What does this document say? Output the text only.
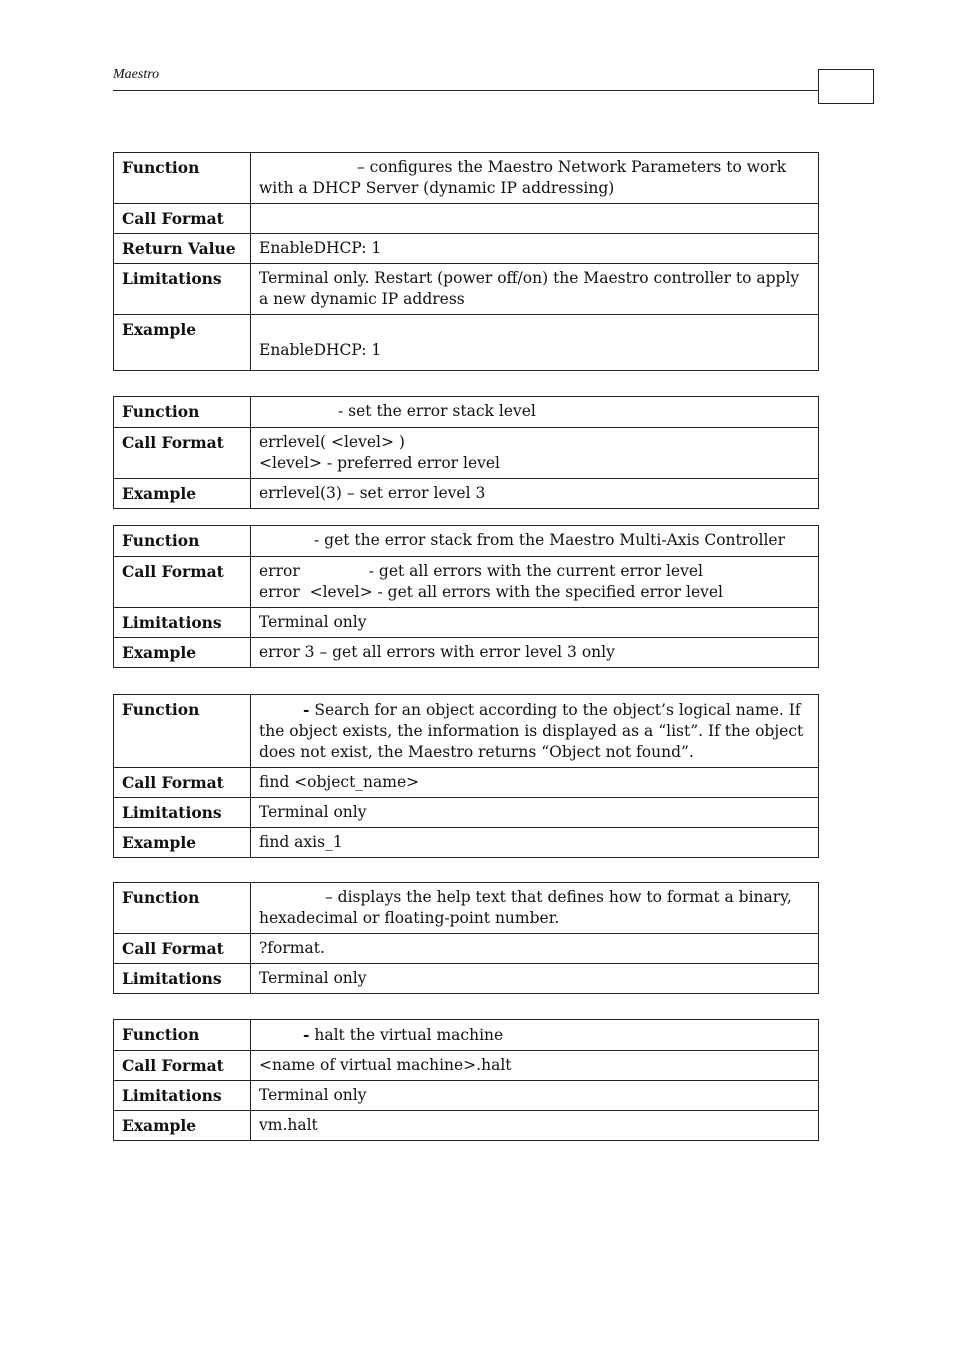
Maestro
Function	– configures the Maestro Network Parameters to work with a DHCP Server (dynamic IP addressing)
Call Format	
Return Value	EnableDHCP: 1
Limitations	Terminal only. Restart (power off/on) the Maestro controller to apply a new dynamic IP address
Example	EnableDHCP: 1
Function	- set the error stack level
Call Format	errlevel( <level> )
<level> - preferred error level

Example	errlevel(3) – set error level 3
Function	- get the error stack from the Maestro Multi-Axis Controller
Call Format	error - get all errors with the current error level
error  <level> - get all errors with the specified error level

Limitations	Terminal only
Example	error 3 – get all errors with error level 3 only
Function	- Search for an object according to the object’s logical name. If the object exists, the information is displayed as a “list”. If the object does not exist, the Maestro returns “Object not found”.
Call Format	find <object_name>
Limitations	Terminal only
Example	find axis_1
Function	– displays the help text that defines how to format a binary, hexadecimal or floating-point number.
Call Format	?format.
Limitations	Terminal only
Function	- halt the virtual machine
Call Format	<name of virtual machine>.halt
Limitations	Terminal only
Example	vm.halt
